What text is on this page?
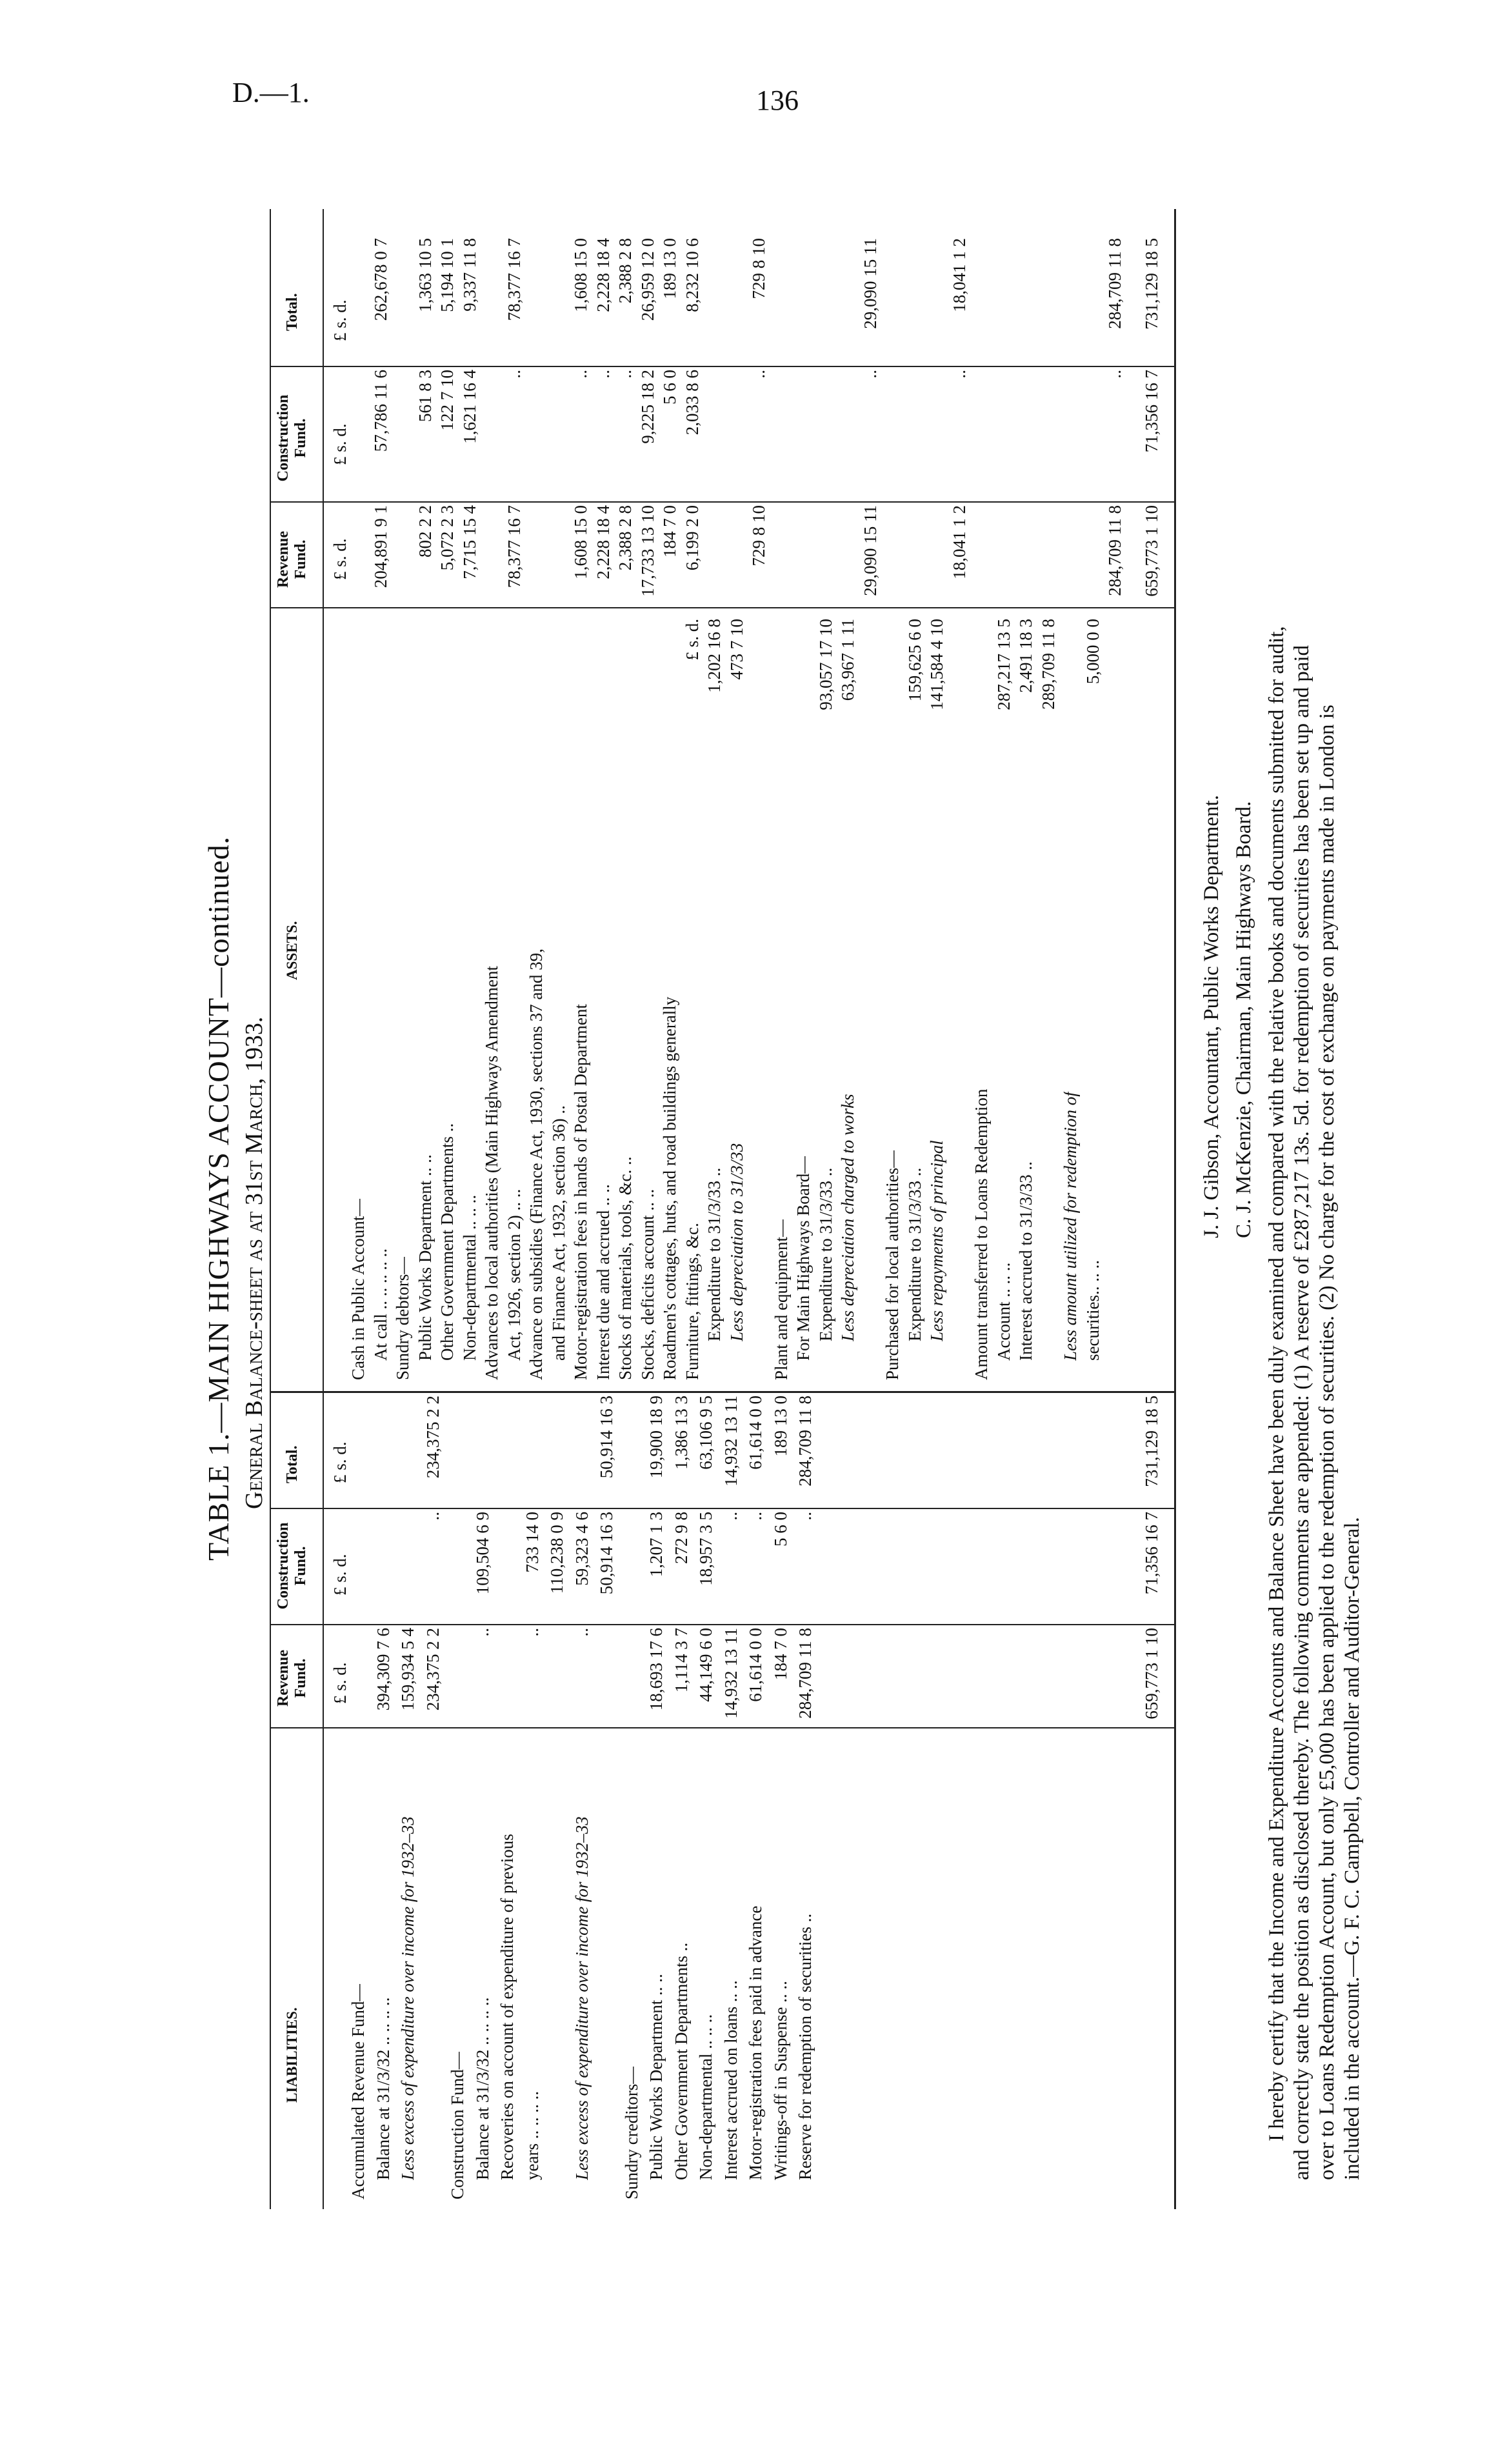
D.—1.	136
TABLE 1.—MAIN HIGHWAYS ACCOUNT—continued. General Balance-sheet as at 31st March, 1933.
LIABILITIES.
Revenue Fund.
Construction Fund.
Total.
£ s. d.
£ s. d.
£ s. d.
ASSETS.
Revenue Fund.
Construction Fund.
Total.
£ s. d.
£ s. d.
£ s. d.
Accumulated Revenue Fund— Balance at 31/3/32 .. .. .. ..
394,309 7 6
Less excess of expenditure over income for 1932–33
159,934 5 4 234,375 2 2
..
234,375 2 2
Construction Fund— Balance at 31/3/32 .. .. .. ..
..
109,504 6 9
Recoveries on account of expenditure of previous years .. .. .. ..
..
733 14 0 110,238 0 9
Less excess of expenditure over income for 1932–33
..
59,323 4 6 50,914 16 3
50,914 16 3
Sundry creditors— Public Works Department .. ..
18,693 17 6
1,207 1 3
19,900 18 9
Other Government Departments ..
1,114 3 7
272 9 8
1,386 13 3
Non-departmental .. .. ..
44,149 6 0
18,957 3 5
63,106 9 5
Interest accrued on loans .. ..
14,932 13 11
..
14,932 13 11
Motor-registration fees paid in advance
61,614 0 0
..
61,614 0 0
Writings-off in Suspense .. ..
184 7 0
5 6 0
189 13 0
Reserve for redemption of securities ..
284,709 11 8
..
284,709 11 8
Cash in Public Account— At call .. .. .. .. ..
204,891 9 1
57,786 11 6
262,678 0 7
Sundry debtors— Public Works Department .. ..
802 2 2
561 8 3
1,363 10 5
Other Government Departments ..
5,072 2 3
122 7 10
5,194 10 1
Non-departmental .. .. ..
7,715 15 4
1,621 16 4
9,337 11 8
Advances to local authorities (Main Highways Amendment Act, 1926, section 2) .. ..
78,377 16 7
..
78,377 16 7
Advance on subsidies (Finance Act, 1930, sections 37 and 39, and Finance Act, 1932, section 36) .. Motor-registration fees in hands of Postal Department
1,608 15 0
..
1,608 15 0
Interest due and accrued .. ..
2,228 18 4
..
2,228 18 4
Stocks of materials, tools, &c. ..
2,388 2 8
..
2,388 2 8
Stocks, deficits account .. ..
17,733 13 10
9,225 18 2
26,959 12 0
Roadmen's cottages, huts, and road buildings generally
184 7 0
5 6 0
189 13 0
Furniture, fittings, &c.
£ s. d.
6,199 2 0
2,033 8 6
8,232 10 6
Expenditure to 31/3/33 ..
1,202 16 8
Less depreciation to 31/3/33
473 7 10
729 8 10
..
729 8 10
Plant and equipment— For Main Highways Board— Expenditure to 31/3/33 ..
93,057 17 10
Less depreciation charged to works
63,967 1 11
29,090 15 11
..
29,090 15 11
Purchased for local authorities— Expenditure to 31/3/33 ..
159,625 6 0
Less repayments of principal
141,584 4 10
18,041 1 2
..
18,041 1 2
Amount transferred to Loans Redemption Account .. .. ..
287,217 13 5
Interest accrued to 31/3/33 ..
2,491 18 3 289,709 11 8
Less amount utilized for redemption of securities.. .. ..
5,000 0 0
284,709 11 8
..
284,709 11 8
659,773 1 10
71,356 16 7
731,129 18 5
659,773 1 10
71,356 16 7
731,129 18 5
J. J. Gibson, Accountant, Public Works Department. C. J. McKenzie, Chairman, Main Highways Board. I hereby certify that the Income and Expenditure Accounts and Balance Sheet have been duly examined and compared with the relative books and documents submitted for audit, and correctly state the position as disclosed thereby. The following comments are appended: (1) A reserve of £287,217 13s. 5d. for redemption of securities has been set up and paid over to Loans Redemption Account, but only £5,000 has been applied to the redemption of securities. (2) No charge for the cost of exchange on payments made in London is included in the account.—G. F. C. Campbell, Controller and Auditor-General.
